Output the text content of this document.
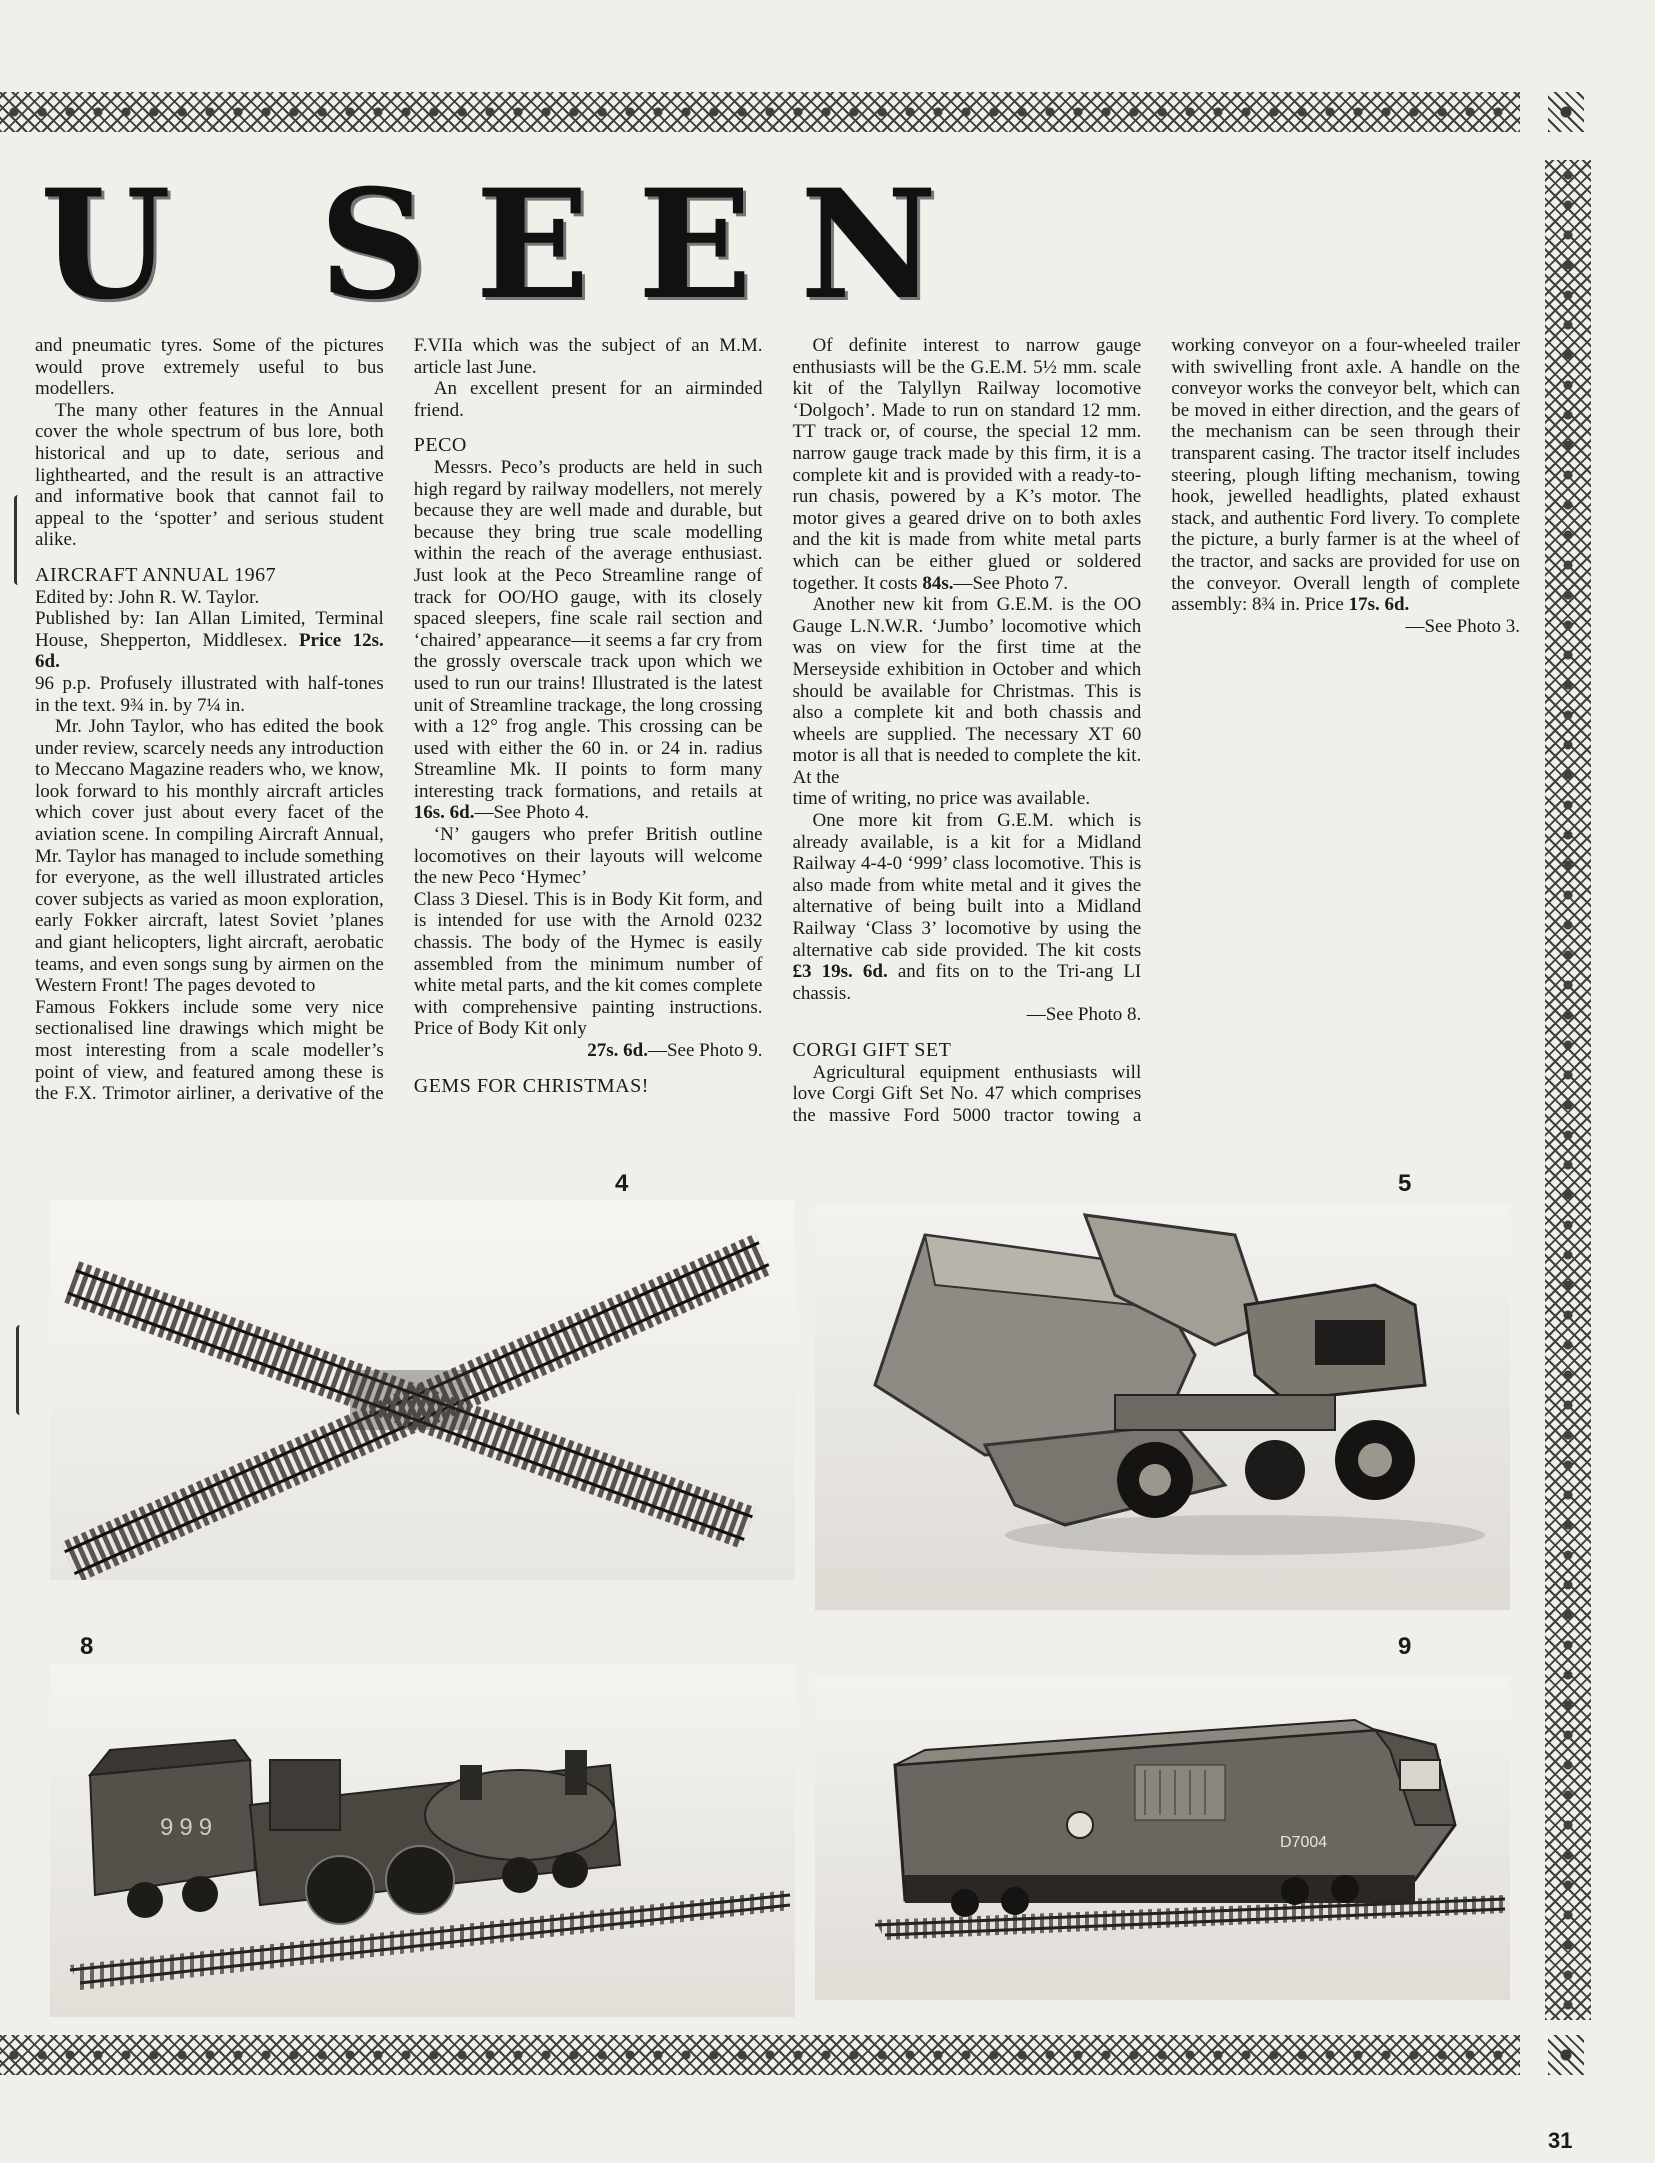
U SEEN

and pneumatic tyres. Some of the pictures would prove extremely useful to bus modellers.

The many other features in the Annual cover the whole spectrum of bus lore, both historical and up to date, serious and lighthearted, and the result is an attractive and informative book that cannot fail to appeal to the ‘spotter’ and serious student alike.

AIRCRAFT ANNUAL 1967

Edited by: John R. W. Taylor.

Published by: Ian Allan Limited, Terminal House, Shepperton, Middlesex. Price 12s. 6d.

96 p.p. Profusely illustrated with half-tones in the text. 9¾ in. by 7¼ in.

Mr. John Taylor, who has edited the book under review, scarcely needs any introduction to Meccano Magazine readers who, we know, look forward to his monthly aircraft articles which cover just about every facet of the aviation scene. In compiling Aircraft Annual, Mr. Taylor has managed to include something for everyone, as the well illustrated articles cover subjects as varied as moon exploration, early Fokker aircraft, latest Soviet ’planes and giant helicopters, light aircraft, aerobatic teams, and even songs sung by airmen on the Western Front! The pages devoted to

Famous Fokkers include some very nice sectionalised line drawings which might be most interesting from a scale modeller’s point of view, and featured among these is the F.X. Trimotor airliner, a derivative of the F.VIIa which was the subject of an M.M. article last June.

An excellent present for an airminded friend.

PECO

Messrs. Peco’s products are held in such high regard by railway modellers, not merely because they are well made and durable, but because they bring true scale modelling within the reach of the average enthusiast. Just look at the Peco Streamline range of track for OO/HO gauge, with its closely spaced sleepers, fine scale rail section and ‘chaired’ appearance—it seems a far cry from the grossly overscale track upon which we used to run our trains! Illustrated is the latest unit of Streamline trackage, the long crossing with a 12° frog angle. This crossing can be used with either the 60 in. or 24 in. radius Streamline Mk. II points to form many interesting track formations, and retails at 16s. 6d.—See Photo 4.

‘N’ gaugers who prefer British outline locomotives on their layouts will welcome the new Peco ‘Hymec’

Class 3 Diesel. This is in Body Kit form, and is intended for use with the Arnold 0232 chassis. The body of the Hymec is easily assembled from the minimum number of white metal parts, and the kit comes complete with comprehensive painting instructions. Price of Body Kit only

27s. 6d.—See Photo 9.

GEMS FOR CHRISTMAS!

Of definite interest to narrow gauge enthusiasts will be the G.E.M. 5½ mm. scale kit of the Talyllyn Railway locomotive ‘Dolgoch’. Made to run on standard 12 mm. TT track or, of course, the special 12 mm. narrow gauge track made by this firm, it is a complete kit and is provided with a ready-to-run chasis, powered by a K’s motor. The motor gives a geared drive on to both axles and the kit is made from white metal parts which can be either glued or soldered together. It costs 84s.—See Photo 7.

Another new kit from G.E.M. is the OO Gauge L.N.W.R. ‘Jumbo’ locomotive which was on view for the first time at the Merseyside exhibition in October and which should be available for Christmas. This is also a complete kit and both chassis and wheels are supplied. The necessary XT 60 motor is all that is needed to complete the kit. At the

time of writing, no price was available.

One more kit from G.E.M. which is already available, is a kit for a Midland Railway 4-4-0 ‘999’ class locomotive. This is also made from white metal and it gives the alternative of being built into a Midland Railway ‘Class 3’ locomotive by using the alternative cab side provided. The kit costs £3 19s. 6d. and fits on to the Tri-ang LI chassis.

—See Photo 8.

CORGI GIFT SET

Agricultural equipment enthusiasts will love Corgi Gift Set No. 47 which comprises the massive Ford 5000 tractor towing a working conveyor on a four-wheeled trailer with swivelling front axle. A handle on the conveyor works the conveyor belt, which can be moved in either direction, and the gears of the mechanism can be seen through their transparent casing. The tractor itself includes steering, plough lifting mechanism, towing hook, jewelled headlights, plated exhaust stack, and authentic Ford livery. To complete the picture, a burly farmer is at the wheel of the tractor, and sacks are provided for use on the conveyor. Overall length of complete assembly: 8¾ in. Price 17s. 6d.

—See Photo 3.

4	5
8
999
9
D7004
31
